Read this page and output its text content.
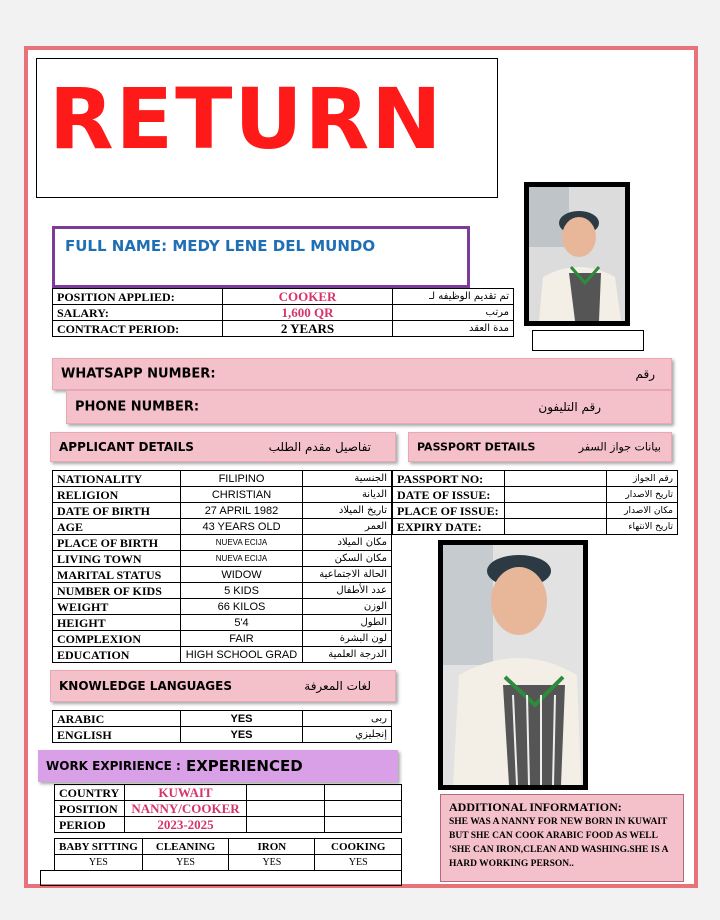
RETURN
FULL NAME: MEDY LENE DEL MUNDO
POSITION APPLIED:	COOKER	تم تقديم الوظيفه لـ
SALARY:	1,600 QR	مرتب
CONTRACT PERIOD:	2 YEARS	مدة العقد
WHATSAPP NUMBER:	رقم
PHONE NUMBER:	رقم التليفون
APPLICANT DETAILS	تفاصيل مقدم الطلب	PASSPORT DETAILS	بيانات جواز السفر
NATIONALITY	FILIPINO	الجنسية
RELIGION	CHRISTIAN	الديانة
DATE OF BIRTH	27 APRIL 1982	تاريخ الميلاد
AGE	43 YEARS OLD	العمر
PLACE OF BIRTH	NUEVA ECIJA	مكان الميلاد
LIVING TOWN	NUEVA ECIJA	مكان السكن
MARITAL STATUS	WIDOW	الحالة الاجتماعية
NUMBER OF KIDS	5 KIDS	عدد الأطفال
WEIGHT	66 KILOS	الوزن
HEIGHT	5'4	الطول
COMPLEXION	FAIR	لون البشرة
EDUCATION	HIGH SCHOOL GRAD	الدرجة العلمية
PASSPORT NO:		رقم الجواز
DATE OF ISSUE:		تاريخ الاصدار
PLACE OF ISSUE:		مكان الاصدار
EXPIRY DATE:		تاريخ الانتهاء
KNOWLEDGE LANGUAGES	لغات المعرفة
ARABIC	YES	ربى
ENGLISH	YES	إنجليزي
WORK EXPIRIENCE : EXPERIENCED
COUNTRY	KUWAIT		
POSITION	NANNY/COOKER		
PERIOD	2023-2025		
BABY SITTING	CLEANING	IRON	COOKING
YES	YES	YES	YES
ADDITIONAL INFORMATION:
SHE WAS A NANNY FOR NEW BORN IN KUWAIT BUT SHE CAN COOK ARABIC FOOD AS WELL 'SHE CAN IRON,CLEAN AND WASHING.SHE IS A HARD WORKING PERSON..
